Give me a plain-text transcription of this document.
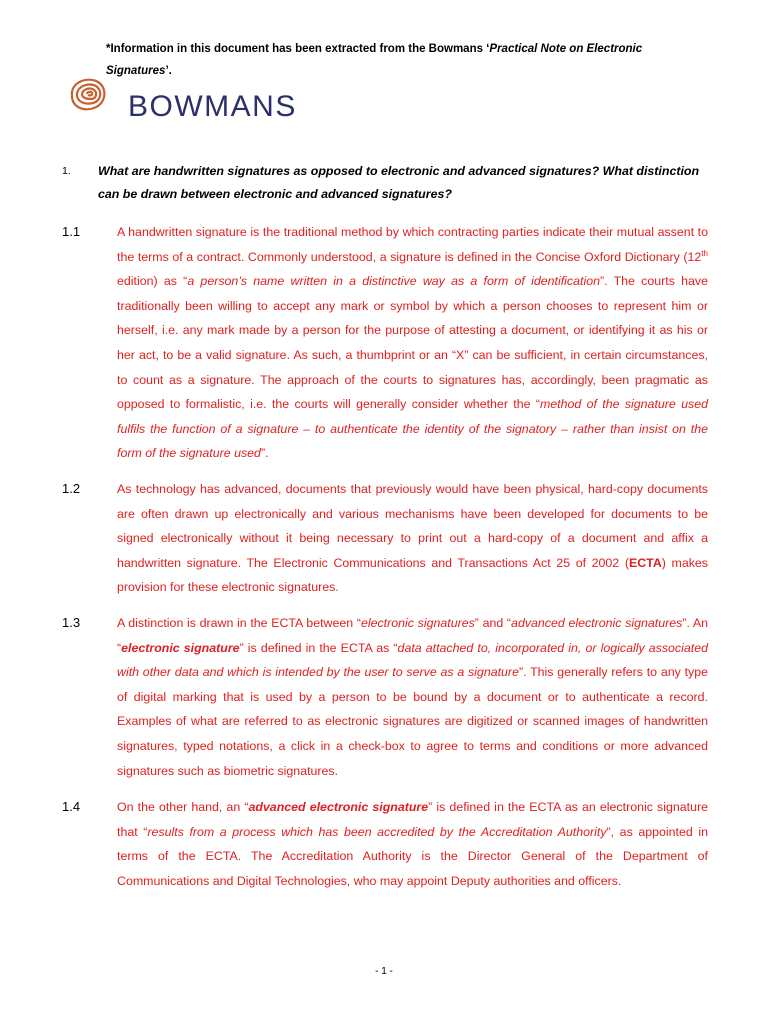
*Information in this document has been extracted from the Bowmans ‘Practical Note on Electronic Signatures’.
BOWMANS
1. What are handwritten signatures as opposed to electronic and advanced signatures? What distinction can be drawn between electronic and advanced signatures?
1.1	A handwritten signature is the traditional method by which contracting parties indicate their mutual assent to the terms of a contract. Commonly understood, a signature is defined in the Concise Oxford Dictionary (12th edition) as “a person’s name written in a distinctive way as a form of identification”. The courts have traditionally been willing to accept any mark or symbol by which a person chooses to represent him or herself, i.e. any mark made by a person for the purpose of attesting a document, or identifying it as his or her act, to be a valid signature. As such, a thumbprint or an “X” can be sufficient, in certain circumstances, to count as a signature. The approach of the courts to signatures has, accordingly, been pragmatic as opposed to formalistic, i.e. the courts will generally consider whether the “method of the signature used fulfils the function of a signature – to authenticate the identity of the signatory – rather than insist on the form of the signature used”.
1.2	As technology has advanced, documents that previously would have been physical, hard-copy documents are often drawn up electronically and various mechanisms have been developed for documents to be signed electronically without it being necessary to print out a hard-copy of a document and affix a handwritten signature. The Electronic Communications and Transactions Act 25 of 2002 (ECTA) makes provision for these electronic signatures.
1.3	A distinction is drawn in the ECTA between “electronic signatures” and “advanced electronic signatures”. An “electronic signature” is defined in the ECTA as “data attached to, incorporated in, or logically associated with other data and which is intended by the user to serve as a signature”. This generally refers to any type of digital marking that is used by a person to be bound by a document or to authenticate a record. Examples of what are referred to as electronic signatures are digitized or scanned images of handwritten signatures, typed notations, a click in a check-box to agree to terms and conditions or more advanced signatures such as biometric signatures.
1.4	On the other hand, an “advanced electronic signature” is defined in the ECTA as an electronic signature that “results from a process which has been accredited by the Accreditation Authority”, as appointed in terms of the ECTA. The Accreditation Authority is the Director General of the Department of Communications and Digital Technologies, who may appoint Deputy authorities and officers.
- 1 -
